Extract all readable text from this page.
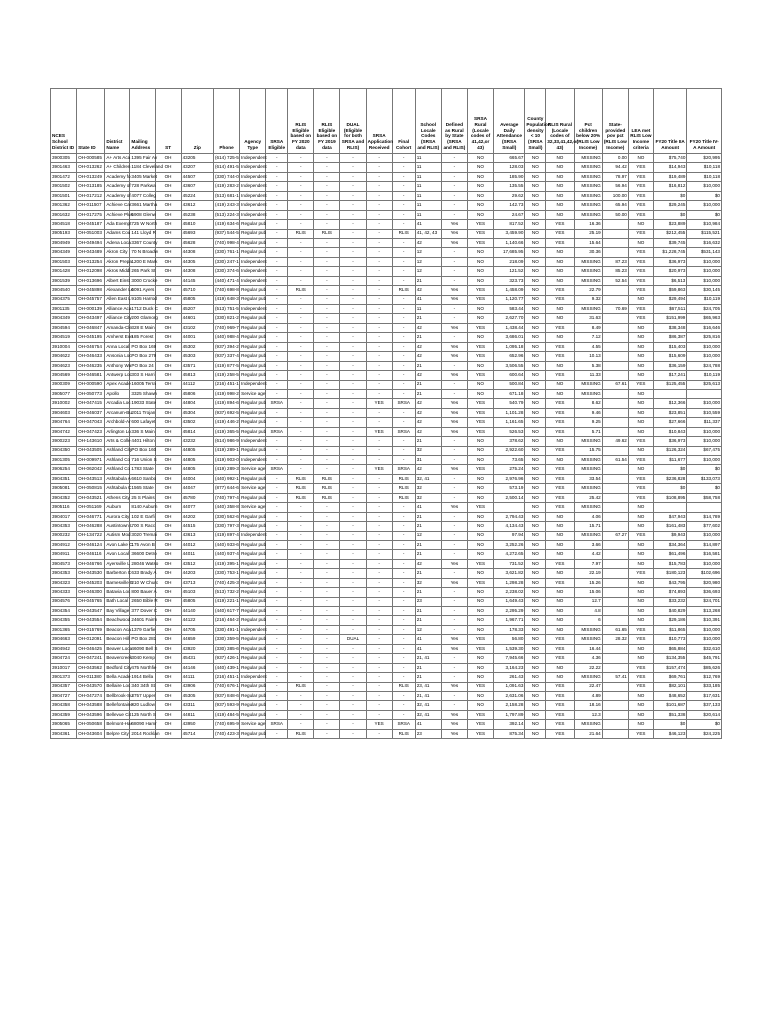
NCES School District ID	State ID	District Name	Mailing Address	ST	Zip	Phone	Agency Type	SRSA Eligible	RLIS Eligible based on FY 2020 data	RLIS Eligible based on FY 2019 data	DUAL (Eligible for both SRSA and RLIS)	SRSA Application Received	Final Cohort	School Locale Codes (SRSA and RLIS)	Defined as Rural by State (SRSA and RLIS)	SRSA Rural (Locale codes of 41,42,or 43)	Average Daily Attendance (SRSA Small)	County Population density < 10 (SRSA Small)	RLIS Rural (Locale codes of 32,33,41,42,or 43)	Pct children below 20% (RLIS Low Income)	State-provided pov pct (RLIS Low Income)	LEA met RLIS Low Income criteria	FY20 Title IIA Amount	FY20 Title IV-A Amount
3900305	OH-000585	A+ Arts Aca	1395 Fair Av	OH	43205	(614) 725-5	Independent	-	-	-	-	-	-	11	-	NO	665.67	NO	NO	MISSING	0.00	NO	$75,740	$20,995
3901463	OH-013262	A+ Children	1184 Cleveland	OH	43207	(614) 491-5	Independent	-	-	-	-	-	-	11	-	NO	128.03	NO	NO	MISSING	94.42	YES	$14,943	$10,118
3901472	OH-013249	Academy fo	3405 Market	OH	44507	(330) 744-0	Independent	-	-	-	-	-	-	11	-	NO	185.90	NO	NO	MISSING	78.97	YES	$19,489	$10,118
3901502	OH-013185	Academy of	728 Parkwa	OH	43607	(419) 283-2	Independent	-	-	-	-	-	-	11	-	NO	135.55	NO	NO	MISSING	56.94	YES	$16,812	$10,000
3901501	OH-017212	Academy of	4077 Colleg	OH	45224	(513) 681-1	Independent	-	-	-	-	-	-	11	-	NO	29.62	NO	NO	MISSING	100.00	YES	$0	$0
3901362	OH-011507	Achieve Car	3661 Martha	OH	43612	(419) 243-3	Independent	-	-	-	-	-	-	11	-	NO	142.73	NO	NO	MISSING	65.94	YES	$29,245	$10,000
3901632	OH-017275	Achieve Plus	5908 Glenw	OH	45238	(513) 224-3	Independent	-	-	-	-	-	-	11	-	NO	24.67	NO	NO	MISSING	50.00	YES	$0	$0
3904518	OH-045187	Ada Exempt	725 W North	OH	45810	(419) 634-6	Regular pub	-	-	-	-	-	-	41	Yes	YES	817.52	NO	YES	16.36		NO	$23,889	$10,984
3905193	OH-051003	Adams Cou	141 Lloyd R	OH	45693	(937) 544-5	Regular pub	-	RLIS	RLIS	-	-	RLIS	41, 42, 43	Yes	YES	3,459.90	NO	YES	25.19		YES	$212,455	$115,521
3904949	OH-049494	Adena Loca	3367 County	OH	45628	(740) 998-4	Regular pub	-	-	-	-	-	-	42	Yes	YES	1,140.66	NO	YES	15.64		NO	$39,745	$16,632
3904349	OH-043489	Akron City	70 N Broadw	OH	44308	(330) 761-1	Regular pub	-	-	-	-	-	-	12	-	NO	17,685.95	NO	NO	30.36		YES	$1,228,745	$531,143
3901503	OH-013254	Akron Prepa	1200 E Mark	OH	44305	(330) 247-1	Independent	-	-	-	-	-	-	12	-	NO	218.09	NO	NO	MISSING	87.23	YES	$36,973	$10,000
3901428	OH-012098	Akros Middl	265 Park St	OH	44308	(330) 374-6	Independent	-	-	-	-	-	-	12	-	NO	121.52	NO	NO	MISSING	85.23	YES	$20,973	$10,000
3901539	OH-013696	Albert Einst	3000 Crocke	OH	44145	(440) 471-4	Independent	-	-	-	-	-	-	21	-	NO	323.73	NO	NO	MISSING	52.54	YES	$6,513	$10,000
3904540	OH-045898	Alexander Lo	6091 Ayers	OH	45710	(740) 698-8	Regular pub	-	RLIS	-	-	-	RLIS	42	Yes	YES	1,458.09	NO	YES	22.79		YES	$59,863	$30,145
3904375	OH-045757	Allen East L	9105 Harrod	OH	45805	(419) 648-3	Regular pub	-	-	-	-	-	-	41	Yes	YES	1,120.77	NO	YES	9.32		NO	$29,494	$10,119
3901135	OH-000139	Alliance Aca	1712 Duck C	OH	45207	(513) 751-5	Independent	-	-	-	-	-	-	11	-	NO	583.44	NO	NO	MISSING	70.69	YES	$67,511	$24,705
3904349	OH-043497	Alliance City	200 Glamorg	OH	44601	(330) 821-2	Regular pub	-	-	-	-	-	-	21	-	NO	2,627.70	NO	NO	31.63		YES	$151,999	$65,963
3904594	OH-046847	Amanda-Cle	328 E Main	OH	43102	(740) 969-7	Regular pub	-	-	-	-	-	-	42	Yes	YES	1,438.44	NO	YES	8.49		NO	$38,348	$16,646
3904519	OH-045195	Amherst Exe	185 Forest	OH	44001	(440) 988-4	Regular pub	-	-	-	-	-	-	21	-	NO	3,686.01	NO	NO	7.12		NO	$86,387	$25,816
3910004	OH-046754	Anna Local	PO Box 169	OH	45302	(937) 394-2	Regular pub	-	-	-	-	-	-	42	Yes	YES	1,095.18	NO	YES	4.55		NO	$15,403	$10,000
3904622	OH-046433	Ansonia Loc	PO Box 279	OH	45303	(937) 337-4	Regular pub	-	-	-	-	-	-	42	Yes	YES	652.96	NO	YES	10.13		NO	$15,609	$10,000
3904623	OH-046235	Anthony Wa	PO Box 24	OH	43571	(419) 877-5	Regular pub	-	-	-	-	-	-	21	-	NO	3,506.55	NO	NO	5.38		NO	$36,159	$24,788
3904569	OH-046581	Antwerp Loc	303 S Harri	OH	45813	(419) 258-5	Regular pub	-	-	-	-	-	-	42	Yes	YES	600.64	NO	YES	11.33		NO	$17,241	$10,119
3900309	OH-000590	Apex Acade	16005 Terra	OH	44112	(216) 451-1	Independent	-	-	-	-	-	-	21	-	NO	500.84	NO	NO	MISSING	67.61	YES	$125,455	$25,613
3905077	OH-050773	Apollo	3325 Shawn	OH	45806	(419) 998-2	Service age	-	-	-	-	-	-	21	-	NO	671.18	NO	NO	MISSING		NO		
3910002	OH-047415	Arcadia Loc	19033 State	OH	44804	(419) 894-6	Regular pub	SRSA	-	-	-	YES	SRSA	42	Yes	YES	540.79	NO	YES	8.62		NO	$12,366	$10,000
3904603	OH-046037	Arcanum-Bu	2011 Trojan	OH	45304	(937) 692-5	Regular pub	-	-	-	-	-	-	42	Yes	YES	1,101.28	NO	YES	9.46		NO	$23,851	$10,559
3904764	OH-047043	Archbold-Ar	600 Lafayet	OH	43502	(419) 446-2	Regular pub	-	-	-	-	-	-	42	Yes	YES	1,161.65	NO	YES	9.25		NO	$27,666	$11,337
3904742	OH-047423	Arlington Lo	336 S Main	OH	45814	(419) 365-5	Regular pub	SRSA	-	-	-	YES	SRSA	42	Yes	YES	526.53	NO	YES	5.71		NO	$10,843	$10,000
3900223	OH-143610	Arts & Colle	4401 Hilton	OH	43232	(614) 986-9	Independent	-	-	-	-	-	-	21	-	NO	378.62	NO	NO	MISSING	49.62	YES	$36,973	$10,000
3904350	OH-043505	Ashland City	PO Box 160	OH	44805	(419) 289-1	Regular pub	-	-	-	-	-	-	32	-	NO	2,922.60	NO	YES	15.75		NO	$126,324	$67,475
3901305	OH-009971	Ashland Co	716 Union S	OH	44805	(419) 903-0	Independent	-	-	-	-	-	-	31	-	NO	73.65	NO	NO	MISSING	61.54	YES	$11,677	$10,000
3906254	OH-062042	Ashland Co	1783 State	OH	44805	(419) 289-3	Service age	SRSA	-	-	-	YES	SRSA	42	Yes	YES	275.24	NO	YES	MISSING		NO	$0	$0
3904351	OH-043513	Ashtabula A	6610 Sanbo	OH	44004	(440) 992-1	Regular pub	-	RLIS	RLIS	-	-	RLIS	32, 41	-	NO	2,976.96	NO	YES	33.54		YES	$236,828	$133,073
3905081	OH-050815	Ashtabula C	1565 State	OH	44047	(877) 644-6	Service age	-	RLIS	RLIS	-	-	RLIS	32	-	NO	573.19	NO	YES	MISSING		YES	$0	$0
3904352	OH-043521	Athens City	25 S Plains	OH	45780	(740) 797-4	Regular pub	-	RLIS	RLIS	-	-	RLIS	32	-	NO	2,500.14	NO	YES	25.42		YES	$108,895	$58,758
3905116	OH-051169	Auburn	8140 Auburn	OH	44077	(440) 358-8	Service age	-	-	-	-	-	-	41	Yes	YES		NO	YES	MISSING		NO		
3904017	OH-046771	Aurora City	102 E Garfi	OH	44202	(330) 562-6	Regular pub	-	-	-	-	-	-	21	-	NO	2,794.43	NO	NO	4.06		NO	$47,943	$14,789
3904353	OH-046288	Austintown L	700 S Racc	OH	44515	(330) 797-3	Regular pub	-	-	-	-	-	-	21	-	NO	4,134.43	NO	NO	15.71		NO	$161,483	$77,602
3900232	OH-134722	Autism Mod	3020 Tremai	OH	43613	(419) 897-4	Independent	-	-	-	-	-	-	12	-	NO	97.94	NO	NO	MISSING	67.27	YES	$9,943	$10,000
3904912	OH-046124	Avon Lake C	175 Avon B	OH	44012	(440) 933-6	Regular pub	-	-	-	-	-	-	21	-	NO	3,252.26	NO	NO	3.66		NO	$34,364	$14,897
3904911	OH-046116	Avon Local	36600 Detro	OH	44011	(440) 937-4	Regular pub	-	-	-	-	-	-	21	-	NO	4,272.65	NO	NO	4.42		NO	$61,496	$16,581
3904573	OH-046766	Ayersville L	28046 Watso	OH	43512	(419) 395-1	Regular pub	-	-	-	-	-	-	42	Yes	YES	731.52	NO	YES	7.97		NO	$15,783	$10,000
3904353	OH-043530	Barberton C	633 Brady A	OH	44203	(330) 753-1	Regular pub	-	-	-	-	-	-	21	-	NO	3,621.82	NO	NO	22.19		YES	$180,123	$102,696
3904323	OH-045203	Barnesville E	210 W Churc	OH	43713	(740) 425-3	Regular pub	-	-	-	-	-	-	32	Yes	YES	1,298.28	NO	YES	15.26		NO	$43,795	$20,980
3904333	OH-046300	Batavia Loc	800 Bauer A	OH	45103	(513) 732-2	Regular pub	-	-	-	-	-	-	21	-	NO	2,238.02	NO	NO	15.06		NO	$74,893	$36,693
3904576	OH-045765	Bath Local	2650 Bible R	OH	45805	(419) 221-1	Regular pub	-	-	-	-	-	-	23	-	NO	1,649.43	NO	NO	12.7		NO	$33,232	$24,701
3904354	OH-043547	Bay Village	377 Dover C	OH	44140	(440) 617-7	Regular pub	-	-	-	-	-	-	21	-	NO	2,295.29	NO	NO	4.8		NO	$40,829	$13,268
3904355	OH-043554	Beachwood	24601 Fairm	OH	44122	(216) 464-2	Regular pub	-	-	-	-	-	-	21	-	NO	1,967.71	NO	NO	6		NO	$29,186	$10,391
3901365	OH-015769	Beacon Aca	1379 Garfie	OH	44705	(330) 491-1	Independent	-	-	-	-	-	-	12	-	NO	178.33	NO	NO	MISSING	61.65	YES	$11,865	$10,000
3904663	OH-012091	Beacon Hill	PO Box 281	OH	44659	(330) 359-5	Regular pub	-	-	-	DUAL	-	-	41	Yes	YES	56.80	NO	YES	MISSING	28.32	YES	$10,773	$10,000
3904942	OH-046425	Beaver Loca	46090 Bell S	OH	43920	(330) 385-6	Regular pub	-	-	-	-	-	-	41	Yes	YES	1,539.30	NO	YES	16.44		NO	$65,884	$32,610
3904724	OH-047241	Beavercreek	3040 Kemp	OH	45431	(937) 426-1	Regular pub	-	-	-	-	-	-	21, 41	-	NO	7,945.66	NO	YES	4.36		NO	$134,355	$45,791
3910017	OH-043562	Bedford City	475 Northfie	OH	44146	(440) 439-1	Regular pub	-	-	-	-	-	-	21	-	NO	3,164.23	NO	NO	22.22		YES	$157,474	$85,626
3901373	OH-011380	Bella Acade	1914 Bella	OH	44111	(216) 451-1	Independent	-	-	-	-	-	-	21	-	NO	261.43	NO	NO	MISSING	57.41	YES	$69,761	$12,769
3904357	OH-043570	Bellaire Loc	340 34th St	OH	43906	(740) 676-1	Regular pub	-	RLIS	-	-	-	RLIS	23, 41	Yes	YES	1,091.63	NO	YES	22.47		YES	$82,101	$33,185
3904727	OH-047274	Bellbrook-Su	3757 Upper	OH	45305	(937) 848-6	Regular pub	-	-	-	-	-	-	21, 41	-	NO	2,631.06	NO	YES	4.89		NO	$48,652	$17,631
3904358	OH-043588	Bellefontaine	820 Ludlow	OH	43311	(937) 593-9	Regular pub	-	-	-	-	-	-	32, 41	-	NO	2,158.28	NO	YES	18.16		NO	$101,687	$37,133
3904359	OH-043596	Bellevue Cit	125 North S	OH	44811	(419) 484-5	Regular pub	-	-	-	-	-	-	32, 41	Yes	YES	1,797.89	NO	YES	12.3		NO	$51,338	$20,614
3905065	OH-050658	Belmont-Har	68090 Hamr	OH	43950	(740) 695-9	Service age	SRSA	-	-	-	YES	SRSA	41	Yes	YES	392.14	NO	YES	MISSING		NO	$0	$0
3904361	OH-043604	Belpre City	2014 Rocklan	OH	45714	(740) 423-3	Regular pub	-	RLIS	-	-	-	RLIS	23	Yes	YES	875.34	NO	YES	21.64		YES	$46,123	$24,225
